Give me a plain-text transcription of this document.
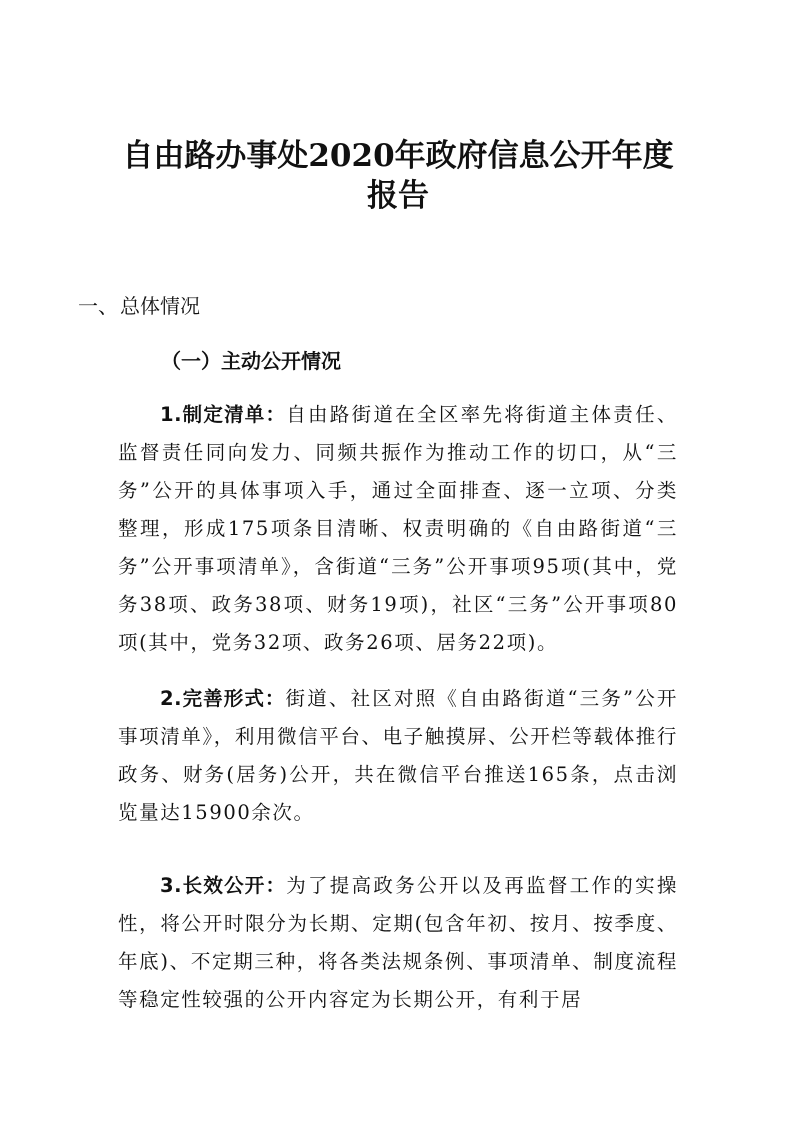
自由路办事处2020年政府信息公开年度报告
一、 总体情况
（一）主动公开情况

1.制定清单：自由路街道在全区率先将街道主体责任、监督责任同向发力、同频共振作为推动工作的切口，从“三务”公开的具体事项入手，通过全面排查、逐一立项、分类整理，形成175项条目清晰、权责明确的《自由路街道“三务”公开事项清单》，含街道“三务”公开事项95项(其中，党务38项、政务38项、财务19项)，社区“三务”公开事项80项(其中，党务32项、政务26项、居务22项)。

2.完善形式：街道、社区对照《自由路街道“三务”公开事项清单》，利用微信平台、电子触摸屏、公开栏等载体推行政务、财务(居务)公开，共在微信平台推送165条，点击浏览量达15900余次。

3.长效公开：为了提高政务公开以及再监督工作的实操性，将公开时限分为长期、定期(包含年初、按月、按季度、年底)、不定期三种，将各类法规条例、事项清单、制度流程等稳定性较强的公开内容定为长期公开，有利于居
